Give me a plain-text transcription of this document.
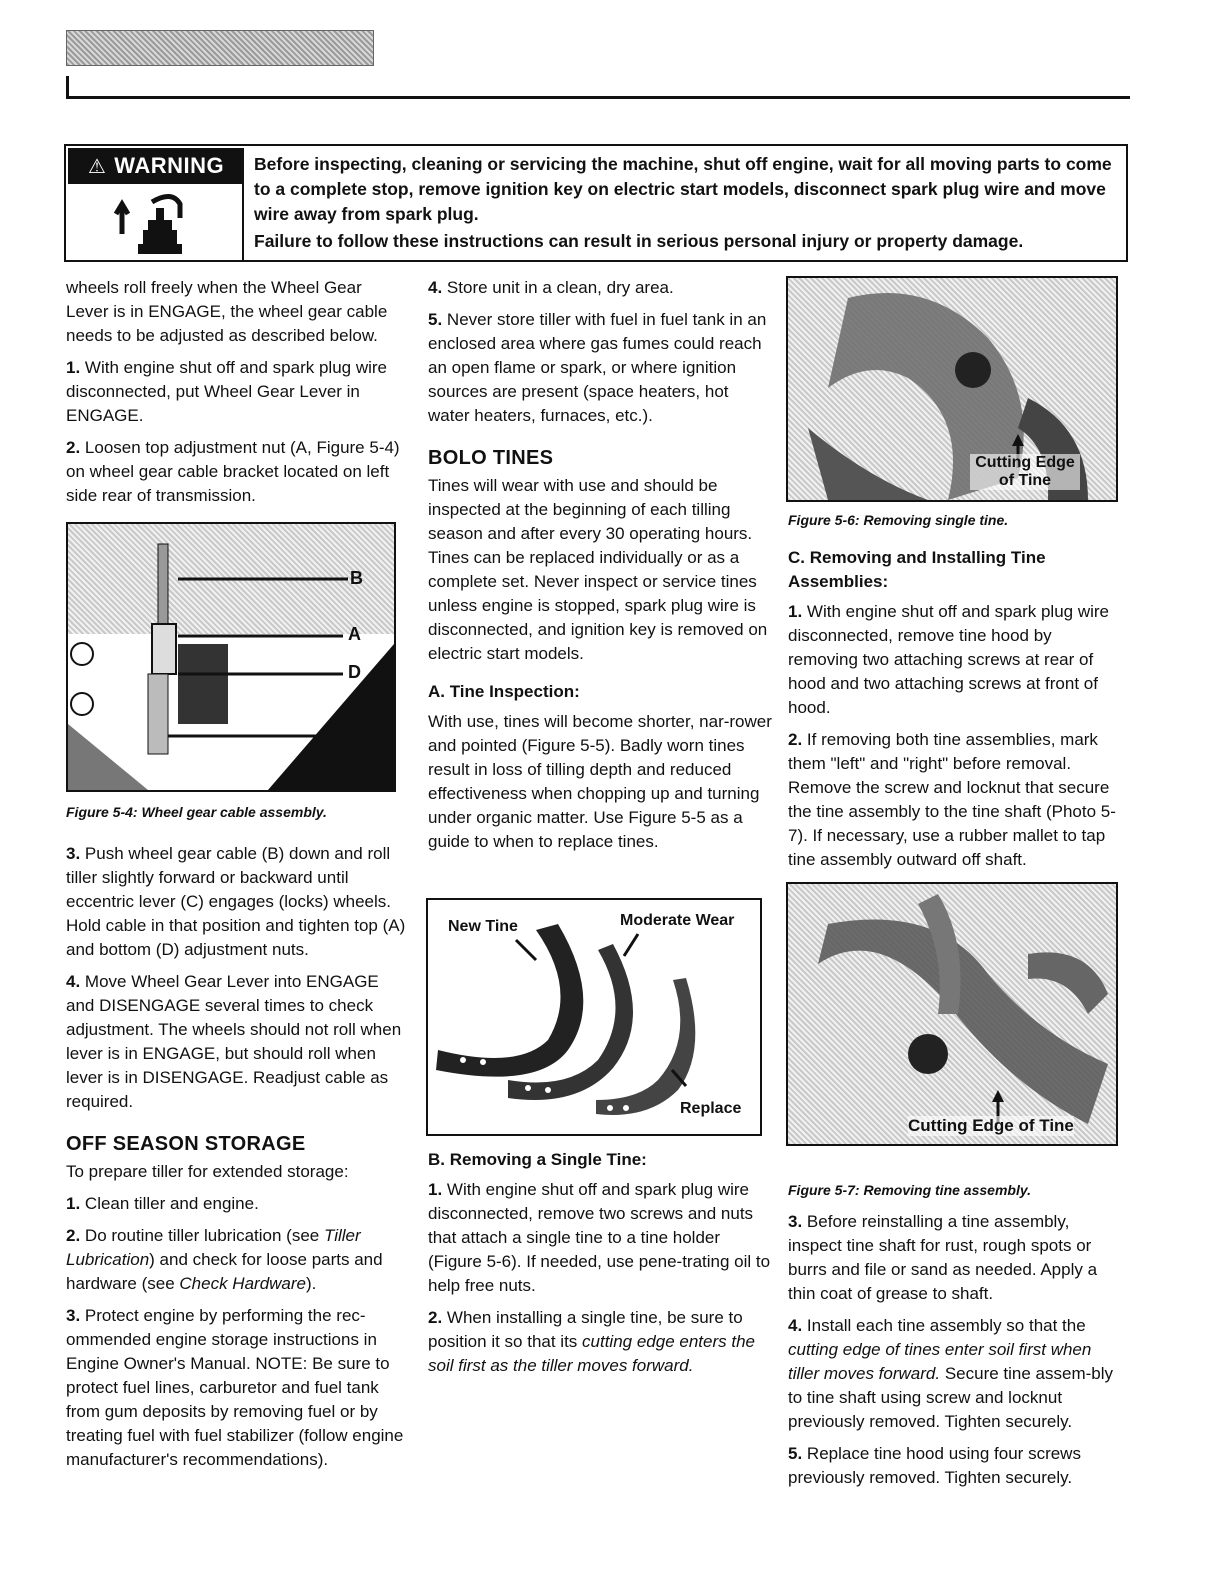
⚠ WARNING Before inspecting, cleaning or servicing the machine, shut off engine, wait for all moving parts to come to a complete stop, remove ignition key on electric start models, disconnect spark plug wire and move wire away from spark plug.

Failure to follow these instructions can result in serious personal injury or property damage.

wheels roll freely when the Wheel Gear Lever is in ENGAGE, the wheel gear cable needs to be adjusted as described below.

1. With engine shut off and spark plug wire disconnected, put Wheel Gear Lever in ENGAGE.

2. Loosen top adjustment nut (A, Figure 5-4) on wheel gear cable bracket located on left side rear of transmission.

Figure 5-4: Wheel gear cable assembly.

3. Push wheel gear cable (B) down and roll tiller slightly forward or backward until eccentric lever (C) engages (locks) wheels. Hold cable in that position and tighten top (A) and bottom (D) adjustment nuts.

4. Move Wheel Gear Lever into ENGAGE and DISENGAGE several times to check adjustment. The wheels should not roll when lever is in ENGAGE, but should roll when lever is in DISENGAGE. Readjust cable as required.

OFF SEASON STORAGE

To prepare tiller for extended storage:

1. Clean tiller and engine.

2. Do routine tiller lubrication (see Tiller Lubrication) and check for loose parts and hardware (see Check Hardware).

3. Protect engine by performing the rec-ommended engine storage instructions in Engine Owner's Manual. NOTE: Be sure to protect fuel lines, carburetor and fuel tank from gum deposits by removing fuel or by treating fuel with fuel stabilizer (follow engine manufacturer's recommendations).

B
A
D
C

4. Store unit in a clean, dry area.

5. Never store tiller with fuel in fuel tank in an enclosed area where gas fumes could reach an open flame or spark, or where ignition sources are present (space heaters, hot water heaters, furnaces, etc.).

BOLO TINES

Tines will wear with use and should be inspected at the beginning of each tilling season and after every 30 operating hours. Tines can be replaced individually or as a complete set. Never inspect or service tines unless engine is stopped, spark plug wire is disconnected, and ignition key is removed on electric start models.

A. Tine Inspection:

With use, tines will become shorter, nar-rower and pointed (Figure 5-5). Badly worn tines result in loss of tilling depth and reduced effectiveness when chopping up and turning under organic matter. Use Figure 5-5 as a guide to when to replace tines.

B. Removing a Single Tine:

1. With engine shut off and spark plug wire disconnected, remove two screws and nuts that attach a single tine to a tine holder (Figure 5-6). If needed, use pene-trating oil to help free nuts.

2. When installing a single tine, be sure to position it so that its cutting edge enters the soil first as the tiller moves forward.

New Tine	Moderate Wear
Replace

Figure 5-6: Removing single tine.

C. Removing and Installing Tine Assemblies:

1. With engine shut off and spark plug wire disconnected, remove tine hood by removing two attaching screws at rear of hood and two attaching screws at front of hood.

2. If removing both tine assemblies, mark them "left" and "right" before removal. Remove the screw and locknut that secure the tine assembly to the tine shaft (Photo 5-7). If necessary, use a rubber mallet to tap tine assembly outward off shaft.

Figure 5-7: Removing tine assembly.

3. Before reinstalling a tine assembly, inspect tine shaft for rust, rough spots or burrs and file or sand as needed. Apply a thin coat of grease to shaft.

4. Install each tine assembly so that the cutting edge of tines enter soil first when tiller moves forward. Secure tine assem-bly to tine shaft using screw and locknut previously removed. Tighten securely.

5. Replace tine hood using four screws previously removed. Tighten securely.

Cutting Edge of Tine
Cutting Edge of Tine
